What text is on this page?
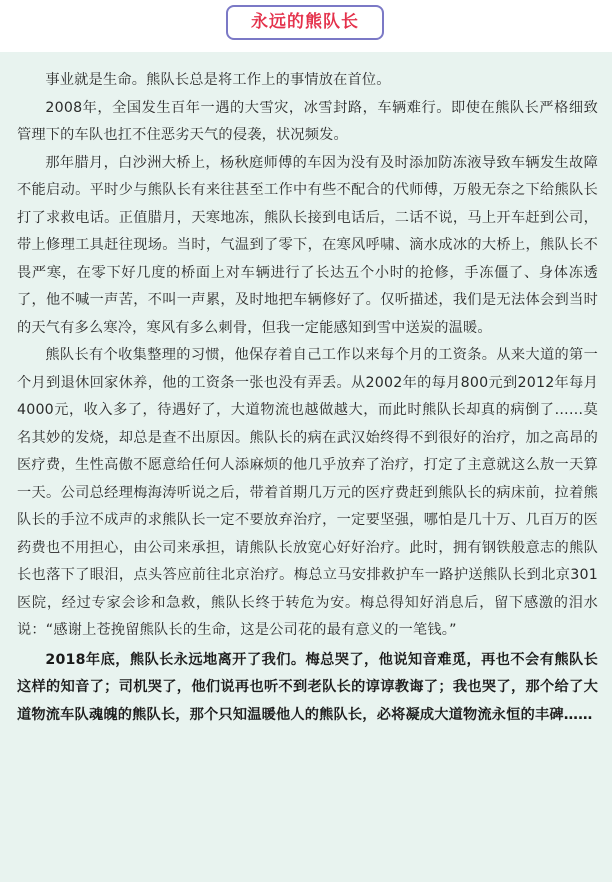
永远的熊队长

事业就是生命。熊队长总是将工作上的事情放在首位。

2008年，全国发生百年一遇的大雪灾，冰雪封路，车辆难行。即使在熊队长严格细致管理下的车队也扛不住恶劣天气的侵袭，状况频发。

那年腊月，白沙洲大桥上，杨秋庭师傅的车因为没有及时添加防冻液导致车辆发生故障不能启动。平时少与熊队长有来往甚至工作中有些不配合的代师傅，万般无奈之下给熊队长打了求救电话。正值腊月，天寒地冻，熊队长接到电话后，二话不说，马上开车赶到公司，带上修理工具赶往现场。当时，气温到了零下，在寒风呼啸、滴水成冰的大桥上，熊队长不畏严寒，在零下好几度的桥面上对车辆进行了长达五个小时的抢修，手冻僵了、身体冻透了，他不喊一声苦，不叫一声累，及时地把车辆修好了。仅听描述，我们是无法体会到当时的天气有多么寒冷，寒风有多么刺骨，但我一定能感知到雪中送炭的温暖。

熊队长有个收集整理的习惯，他保存着自己工作以来每个月的工资条。从来大道的第一个月到退休回家休养，他的工资条一张也没有弄丢。从2002年的每月800元到2012年每月4000元，收入多了，待遇好了，大道物流也越做越大，而此时熊队长却真的病倒了……莫名其妙的发烧，却总是查不出原因。熊队长的病在武汉始终得不到很好的治疗，加之高昂的医疗费，生性高傲不愿意给任何人添麻烦的他几乎放弃了治疗，打定了主意就这么敖一天算一天。公司总经理梅海涛听说之后，带着首期几万元的医疗费赶到熊队长的病床前，拉着熊队长的手泣不成声的求熊队长一定不要放弃治疗，一定要坚强，哪怕是几十万、几百万的医药费也不用担心，由公司来承担，请熊队长放宽心好好治疗。此时，拥有钢铁般意志的熊队长也落下了眼泪，点头答应前往北京治疗。梅总立马安排救护车一路护送熊队长到北京301医院，经过专家会诊和急救，熊队长终于转危为安。梅总得知好消息后，留下感激的泪水说：“感谢上苍挽留熊队长的生命，这是公司花的最有意义的一笔钱。”

2018年底，熊队长永远地离开了我们。梅总哭了，他说知音难觅，再也不会有熊队长这样的知音了；司机哭了，他们说再也听不到老队长的谆谆教诲了；我也哭了，那个给了大道物流车队魂魄的熊队长，那个只知温暖他人的熊队长，必将凝成大道物流永恒的丰碑……
